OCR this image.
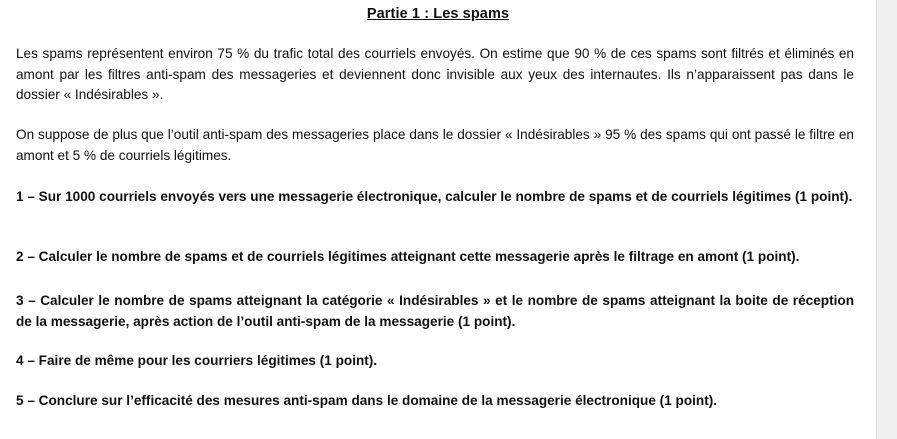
Partie 1 : Les spams

Les spams représentent environ 75 % du trafic total des courriels envoyés. On estime que 90 % de ces spams sont filtrés et éliminés en amont par les filtres anti-spam des messageries et deviennent donc invisible aux yeux des internautes. Ils n’apparaissent pas dans le dossier « Indésirables ».

On suppose de plus que l’outil anti-spam des messageries place dans le dossier « Indésirables » 95 % des spams qui ont passé le filtre en amont et 5 % de courriels légitimes.

1 – Sur 1000 courriels envoyés vers une messagerie électronique, calculer le nombre de spams et de courriels légitimes (1 point).

2 – Calculer le nombre de spams et de courriels légitimes atteignant cette messagerie après le filtrage en amont (1 point).

3 – Calculer le nombre de spams atteignant la catégorie « Indésirables » et le nombre de spams atteignant la boite de réception de la messagerie, après action de l’outil anti-spam de la messagerie (1 point).

4 – Faire de même pour les courriers légitimes (1 point).

5 – Conclure sur l’efficacité des mesures anti-spam dans le domaine de la messagerie électronique (1 point).
